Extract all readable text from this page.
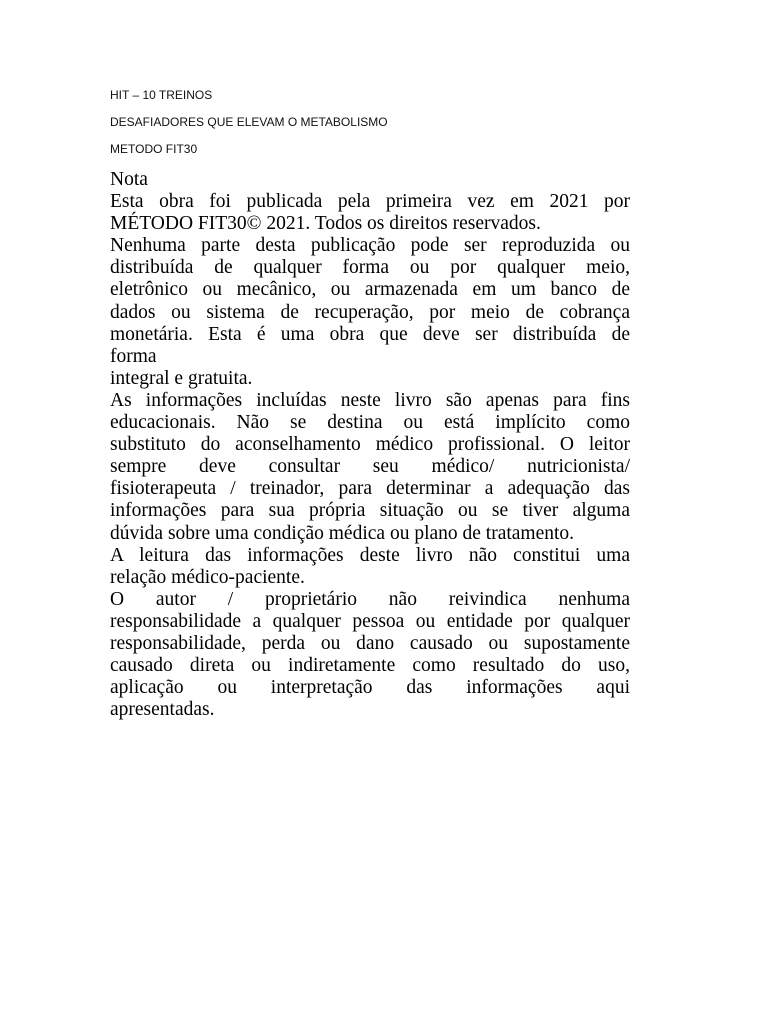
HIT – 10 TREINOS
DESAFIADORES QUE ELEVAM O METABOLISMO
METODO FIT30
Nota
Esta obra foi publicada pela primeira vez em 2021 por
MÉTODO FIT30© 2021. Todos os direitos reservados.
Nenhuma parte desta publicação pode ser reproduzida ou
distribuída de qualquer forma ou por qualquer meio,
eletrônico ou mecânico, ou armazenada em um banco de
dados ou sistema de recuperação, por meio de cobrança
monetária. Esta é uma obra que deve ser distribuída de
forma
integral e gratuita.
As informações incluídas neste livro são apenas para fins
educacionais. Não se destina ou está implícito como
substituto do aconselhamento médico profissional. O leitor
sempre deve consultar seu médico/ nutricionista/
fisioterapeuta / treinador, para determinar a adequação das
informações para sua própria situação ou se tiver alguma
dúvida sobre uma condição médica ou plano de tratamento.
A leitura das informações deste livro não constitui uma
relação médico-paciente.
O autor / proprietário não reivindica nenhuma
responsabilidade a qualquer pessoa ou entidade por qualquer
responsabilidade, perda ou dano causado ou supostamente
causado direta ou indiretamente como resultado do uso,
aplicação ou interpretação das informações aqui
apresentadas.
